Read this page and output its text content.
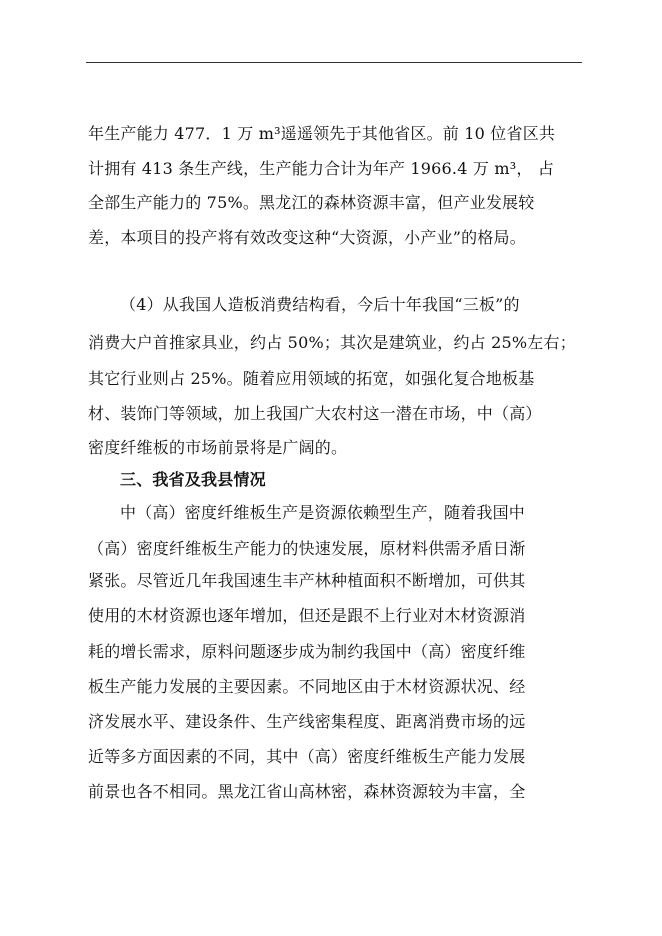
年生产能力 477．1 万 m³遥遥领先于其他省区。前 10 位省区共
计拥有 413 条生产线，生产能力合计为年产 1966.4 万 m³， 占
全部生产能力的 75%。黑龙江的森林资源丰富，但产业发展较
差，本项目的投产将有效改变这种“大资源，小产业”的格局。
（4）从我国人造板消费结构看，今后十年我国“三板”的
消费大户首推家具业，约占 50%；其次是建筑业，约占 25%左右；
其它行业则占 25%。随着应用领域的拓宽，如强化复合地板基
材、装饰门等领域，加上我国广大农村这一潜在市场，中（高）
密度纤维板的市场前景将是广阔的。
三、我省及我县情况
中（高）密度纤维板生产是资源依赖型生产，随着我国中
（高）密度纤维板生产能力的快速发展，原材料供需矛盾日渐
紧张。尽管近几年我国速生丰产林种植面积不断增加，可供其
使用的木材资源也逐年增加，但还是跟不上行业对木材资源消
耗的增长需求，原料问题逐步成为制约我国中（高）密度纤维
板生产能力发展的主要因素。不同地区由于木材资源状况、经
济发展水平、建设条件、生产线密集程度、距离消费市场的远
近等多方面因素的不同，其中（高）密度纤维板生产能力发展
前景也各不相同。黑龙江省山高林密，森林资源较为丰富，全
